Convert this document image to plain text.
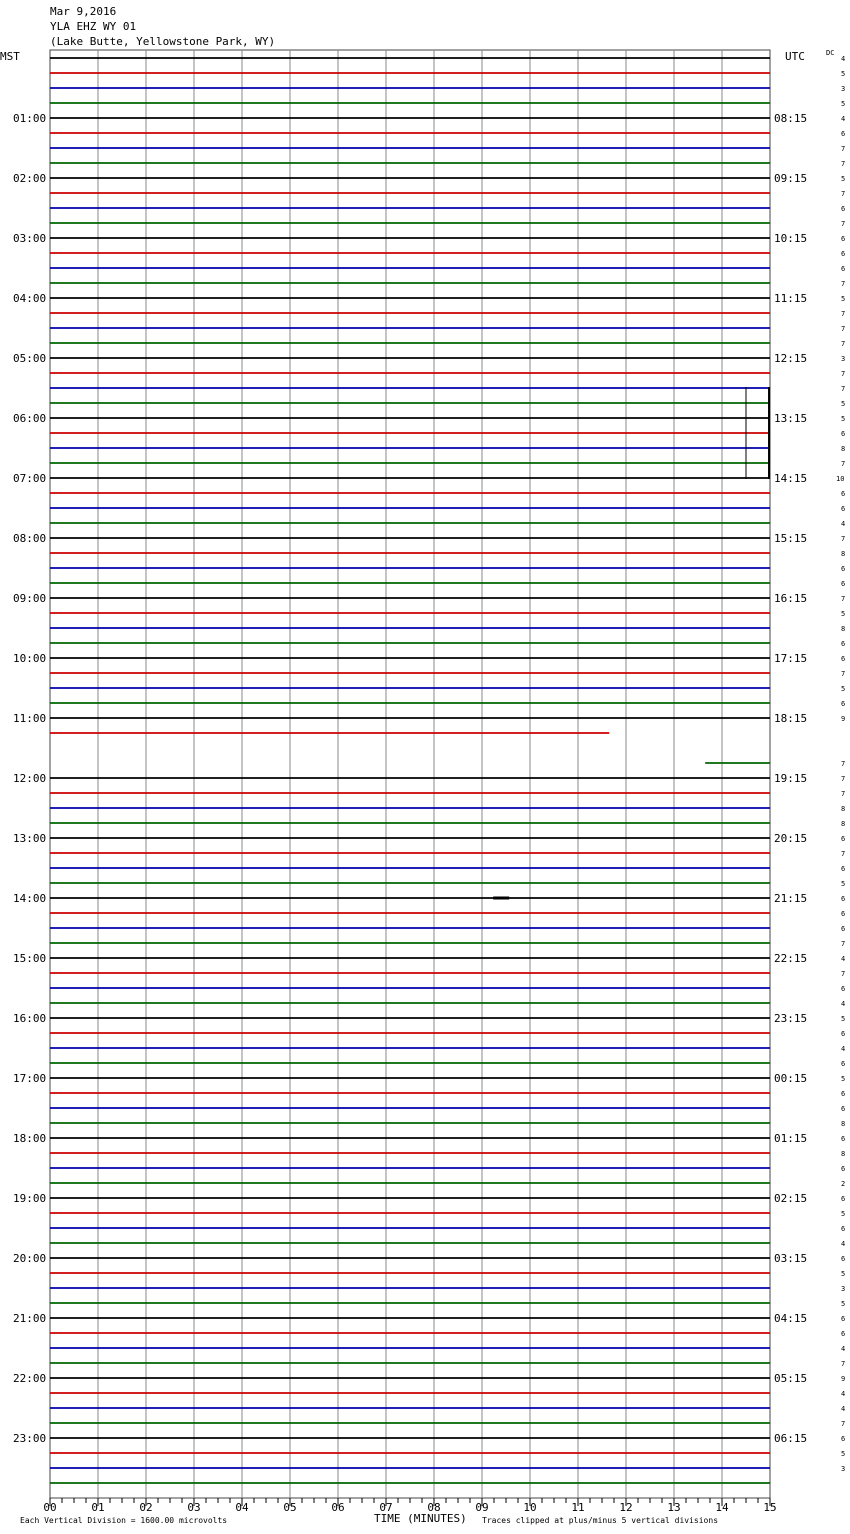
Mar 9,2016
YLA EHZ WY 01
(Lake Butte, Yellowstone Park, WY)
01:00
02:00
03:00
04:00
05:00
06:00
07:00
08:00
09:00
10:00
11:00
12:00
13:00
14:00
15:00
16:00
17:00
18:00
19:00
20:00
21:00
22:00
23:00
08:15
09:15
10:15
11:15
12:15
13:15
14:15
15:15
16:15
17:15
18:15
19:15
20:15
21:15
22:15
23:15
00:15
01:15
02:15
03:15
04:15
05:15
06:15
4
5
3
5
4
6
7
7
5
7
6
7
6
6
6
7
5
7
7
7
3
7
7
5
5
6
8
7
10
6
6
4
7
8
6
6
7
5
8
6
6
7
5
6
9
7
7
7
8
8
6
7
6
5
6
6
6
7
4
7
6
4
5
6
4
6
5
6
6
8
6
8
6
2
6
5
6
4
6
5
3
5
6
6
4
7
9
4
4
7
6
5
3
00	01	02	03	04	05	06	07	08	09	10	11	12	13	14	15
MST	UTC	DC
TIME (MINUTES)
Each Vertical Division = 1600.00 microvolts	Traces clipped at plus/minus 5 vertical divisions
